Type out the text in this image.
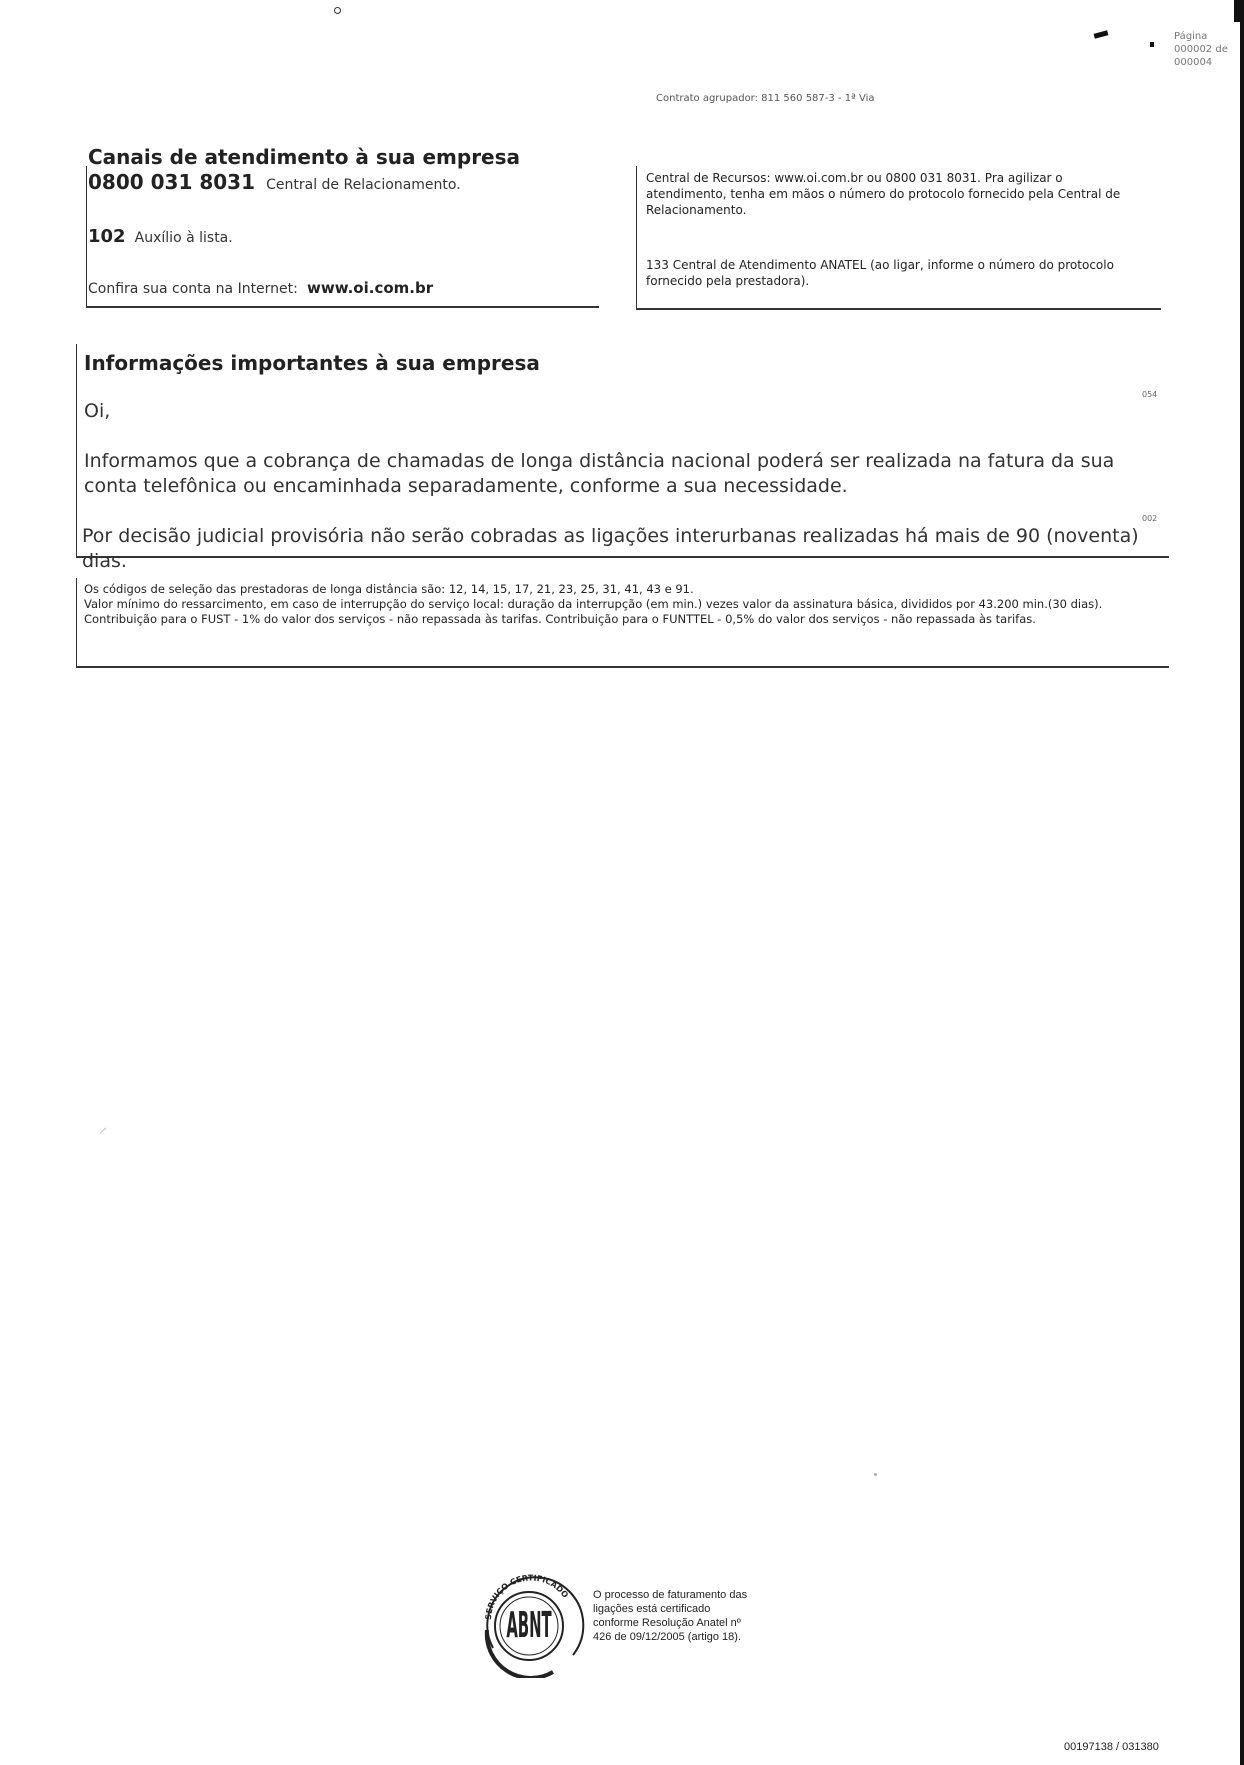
Página
000002 de
000004
Contrato agrupador: 811 560 587-3 - 1ª Via
Canais de atendimento à sua empresa
0800 031 8031 Central de Relacionamento.
102 Auxílio à lista.
Confira sua conta na Internet: www.oi.com.br
Central de Recursos: www.oi.com.br ou 0800 031 8031. Pra agilizar o atendimento, tenha em mãos o número do protocolo fornecido pela Central de Relacionamento.
133 Central de Atendimento ANATEL (ao ligar, informe o número do protocolo fornecido pela prestadora).
Informações importantes à sua empresa
054
Oi,
Informamos que a cobrança de chamadas de longa distância nacional poderá ser realizada na fatura da sua conta telefônica ou encaminhada separadamente, conforme a sua necessidade.
002
Por decisão judicial provisória não serão cobradas as ligações interurbanas realizadas há mais de 90 (noventa) dias.
Os códigos de seleção das prestadoras de longa distância são: 12, 14, 15, 17, 21, 23, 25, 31, 41, 43 e 91.
Valor mínimo do ressarcimento, em caso de interrupção do serviço local: duração da interrupção (em min.) vezes valor da assinatura básica, divididos por 43.200 min.(30 dias).
Contribuição para o FUST - 1% do valor dos serviços - não repassada às tarifas. Contribuição para o FUNTTEL - 0,5% do valor dos serviços - não repassada às tarifas.
SERVIÇO CERTIFICADO
ABNT
O processo de faturamento das ligações está certificado conforme Resolução Anatel nº 426 de 09/12/2005 (artigo 18).
00197138 / 031380
